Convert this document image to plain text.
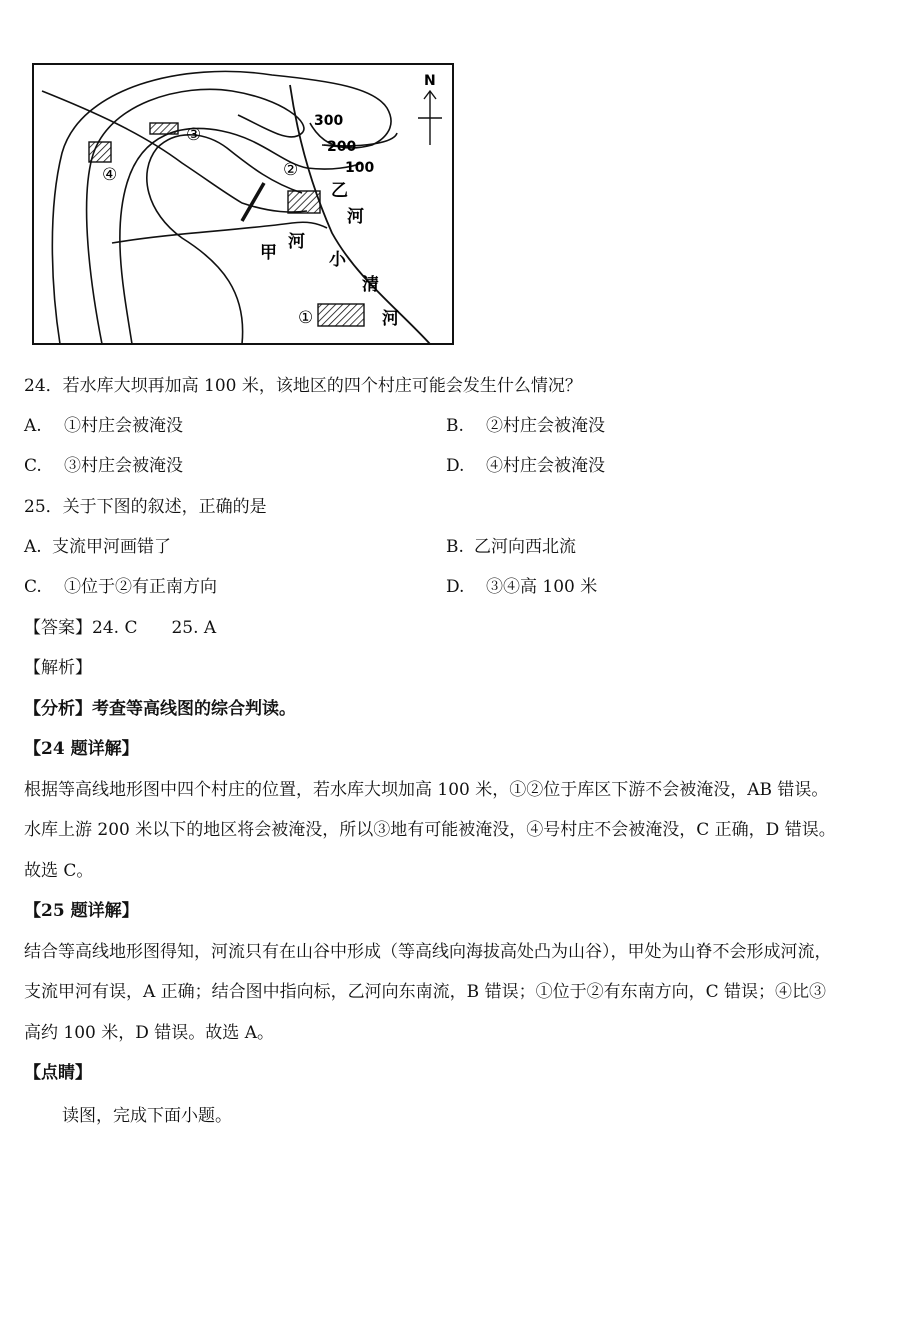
③
④	②
①
300
200
100
N
乙
河
河
甲	小
清
河
24．若水库大坝再加高 100 米，该地区的四个村庄可能会发生什么情况？
A. ①村庄会被淹没	B. ②村庄会被淹没
C. ③村庄会被淹没	D. ④村庄会被淹没
25．关于下图的叙述，正确的是
A. 支流甲河画错了	B. 乙河向西北流
C. ①位于②有正南方向	D. ③④高 100 米
【答案】24. C　　25. A
【解析】
【分析】考查等高线图的综合判读。
【24 题详解】
根据等高线地形图中四个村庄的位置，若水库大坝加高 100 米，①②位于库区下游不会被淹没，AB 错误。
水库上游 200 米以下的地区将会被淹没，所以③地有可能被淹没，④号村庄不会被淹没，C 正确，D 错误。
故选 C。
【25 题详解】
结合等高线地形图得知，河流只有在山谷中形成（等高线向海拔高处凸为山谷），甲处为山脊不会形成河流，
支流甲河有误，A 正确；结合图中指向标，乙河向东南流，B 错误；①位于②有东南方向，C 错误；④比③
高约 100 米，D 错误。故选 A。
【点睛】
读图，完成下面小题。
